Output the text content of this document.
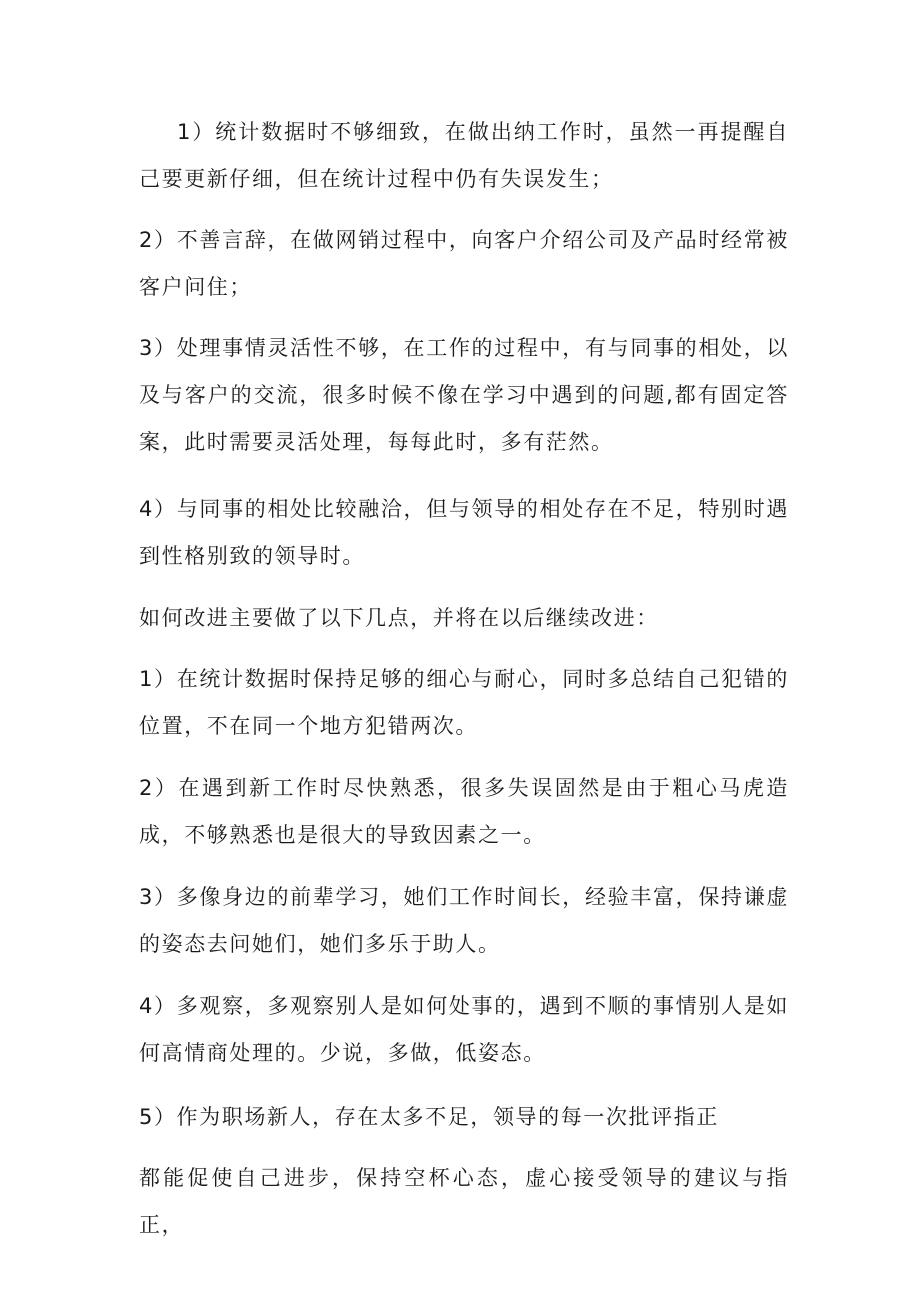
1）统计数据时不够细致，在做出纳工作时，虽然一再提醒自己要更新仔细，但在统计过程中仍有失误发生；

2）不善言辞，在做网销过程中，向客户介绍公司及产品时经常被客户问住；

3）处理事情灵活性不够，在工作的过程中，有与同事的相处，以及与客户的交流，很多时候不像在学习中遇到的问题,都有固定答案，此时需要灵活处理，每每此时，多有茫然。

4）与同事的相处比较融洽，但与领导的相处存在不足，特别时遇到性格别致的领导时。

如何改进主要做了以下几点，并将在以后继续改进：

1）在统计数据时保持足够的细心与耐心，同时多总结自己犯错的位置，不在同一个地方犯错两次。

2）在遇到新工作时尽快熟悉，很多失误固然是由于粗心马虎造成，不够熟悉也是很大的导致因素之一。

3）多像身边的前辈学习，她们工作时间长，经验丰富，保持谦虚的姿态去问她们，她们多乐于助人。

4）多观察，多观察别人是如何处事的，遇到不顺的事情别人是如何高情商处理的。少说，多做，低姿态。

5）作为职场新人，存在太多不足，领导的每一次批评指正

都能促使自己进步，保持空杯心态，虚心接受领导的建议与指正，
